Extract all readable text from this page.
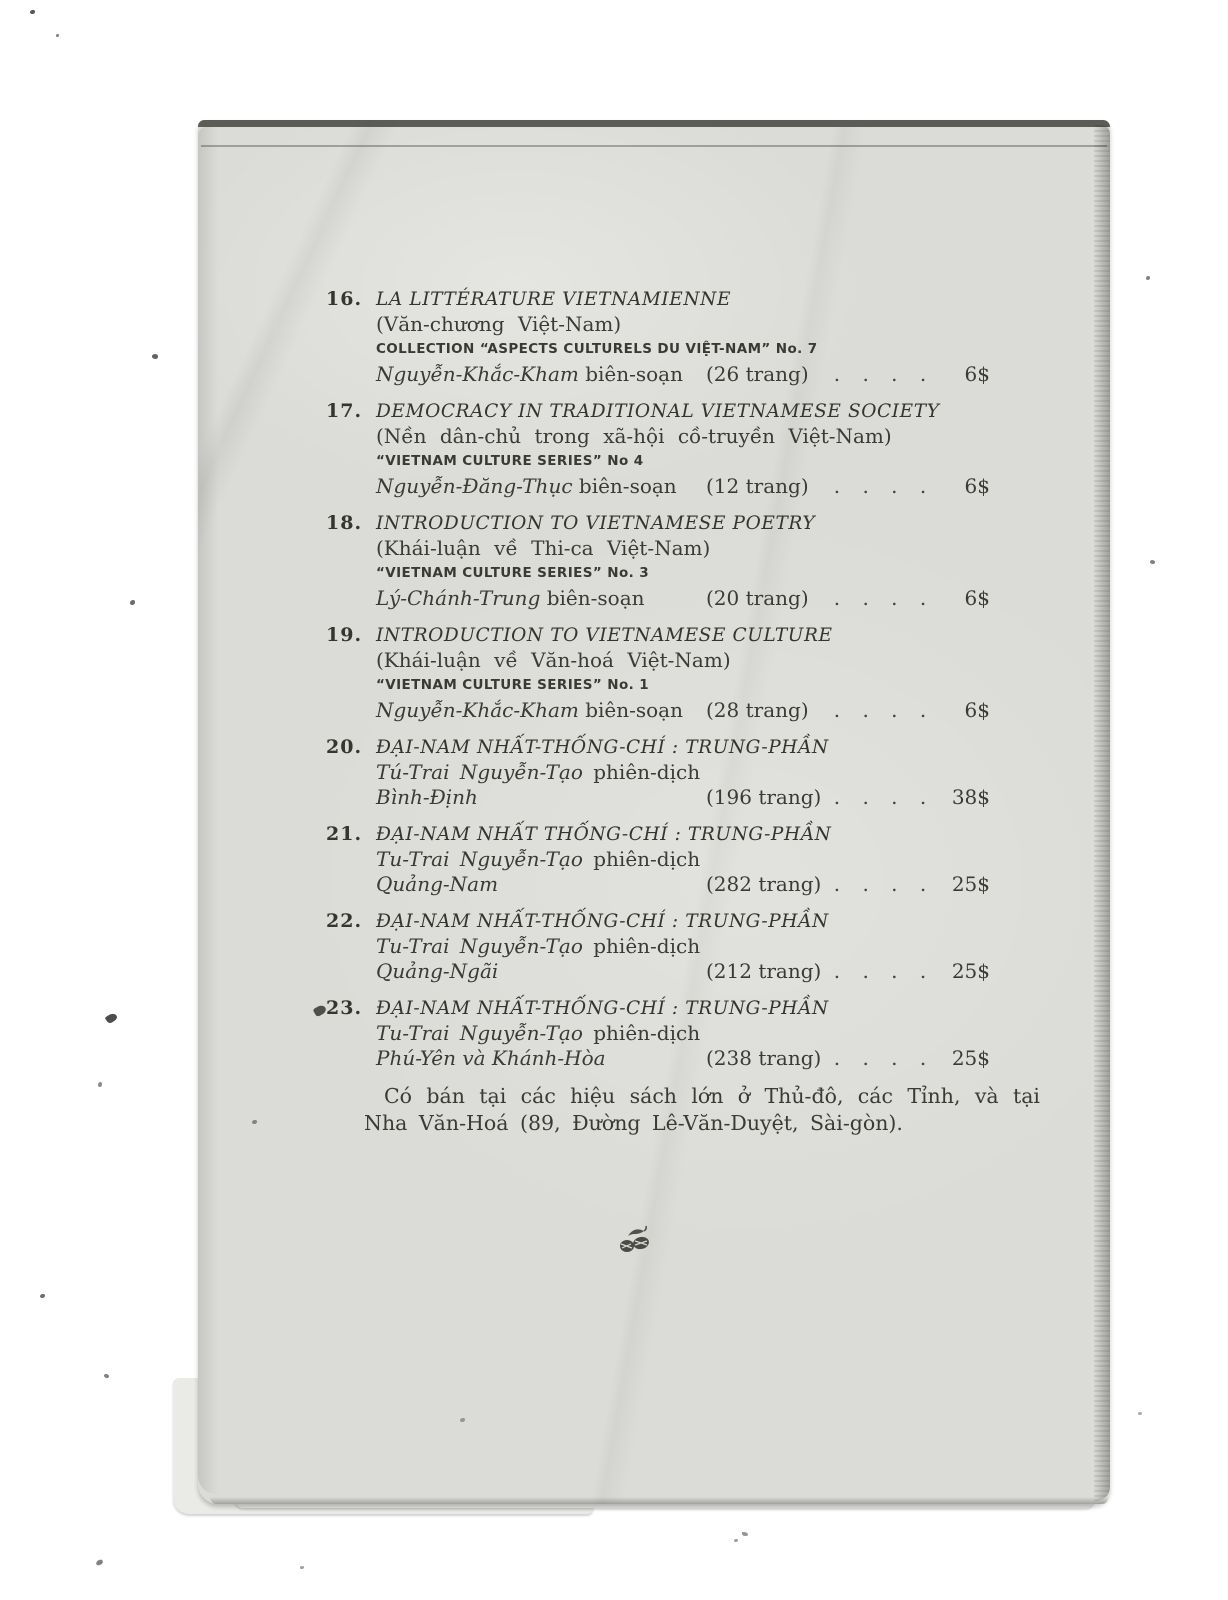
16. LA LITTÉRATURE VIETNAMIENNE
(Văn-chương Việt-Nam)
COLLECTION “ASPECTS CULTURELS DU VIỆT-NAM” No. 7
Nguyễn-Khắc-Kham biên-soạn	(26 trang)	. . . .	6$
17. DEMOCRACY IN TRADITIONAL VIETNAMESE SOCIETY
(Nền dân-chủ trong xã-hội cồ-truyền Việt-Nam)
“VIETNAM CULTURE SERIES” No 4
Nguyễn-Đăng-Thục biên-soạn	(12 trang)	. . . .	6$
18. INTRODUCTION TO VIETNAMESE POETRY
(Khái-luận về Thi-ca Việt-Nam)
“VIETNAM CULTURE SERIES” No. 3
Lý-Chánh-Trung biên-soạn	(20 trang)	. . . .	6$
19. INTRODUCTION TO VIETNAMESE CULTURE
(Khái-luận về Văn-hoá Việt-Nam)
“VIETNAM CULTURE SERIES” No. 1
Nguyễn-Khắc-Kham biên-soạn	(28 trang)	. . . .	6$
20. ĐẠI-NAM NHẤT-THỐNG-CHÍ : TRUNG-PHẦN
Tú-Trai Nguyễn-Tạo phiên-dịch
Bình-Định	(196 trang) . . . .	38$
21. ĐẠI-NAM NHẤT THỐNG-CHÍ : TRUNG-PHẦN
Tu-Trai Nguyễn-Tạo phiên-dịch
Quảng-Nam	(282 trang) . . . .	25$
22. ĐẠI-NAM NHẤT-THỐNG-CHÍ : TRUNG-PHẦN
Tu-Trai Nguyễn-Tạo phiên-dịch
Quảng-Ngãi	(212 trang) . . . .	25$
23. ĐẠI-NAM NHẤT-THỐNG-CHÍ : TRUNG-PHẦN
Tu-Trai Nguyễn-Tạo phiên-dịch
Phú-Yên và Khánh-Hòa	(238 trang) . . . .	25$
Có bán tại các hiệu sách lớn ở Thủ-đô, các Tỉnh, và tại
Nha Văn-Hoá (89, Đường Lê-Văn-Duyệt, Sài-gòn).
